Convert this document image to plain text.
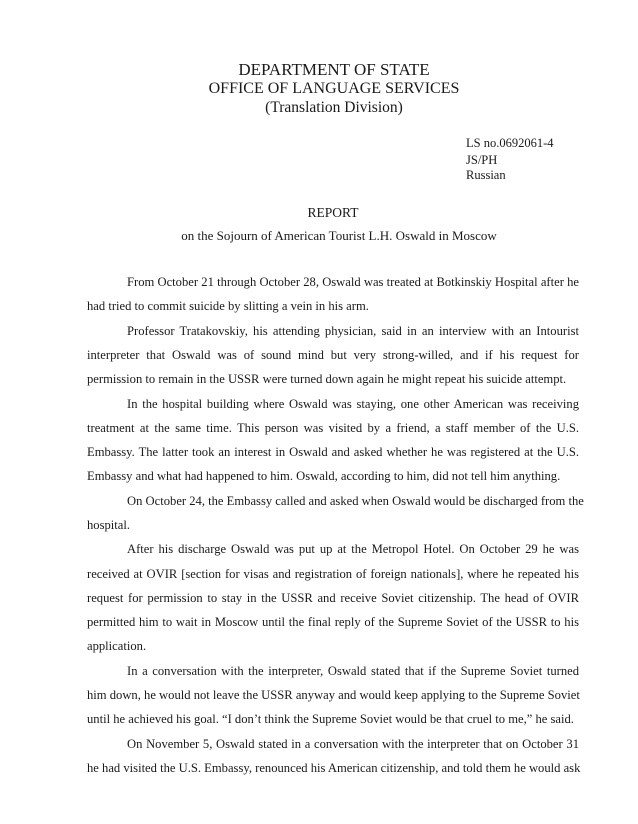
DEPARTMENT OF STATE
OFFICE OF LANGUAGE SERVICES
(Translation Division)
LS no.0692061-4
JS/PH
Russian
REPORT
on the Sojourn of American Tourist L.H. Oswald in Moscow
From October 21 through October 28, Oswald was treated at Botkinskiy Hospital after he
had tried to commit suicide by slitting a vein in his arm.
Professor Tratakovskiy, his attending physician, said in an interview with an Intourist
interpreter that Oswald was of sound mind but very strong-willed, and if his request for
permission to remain in the USSR were turned down again he might repeat his suicide attempt.
In the hospital building where Oswald was staying, one other American was receiving
treatment at the same time. This person was visited by a friend, a staff member of the U.S.
Embassy. The latter took an interest in Oswald and asked whether he was registered at the U.S.
Embassy and what had happened to him. Oswald, according to him, did not tell him anything.
On October 24, the Embassy called and asked when Oswald would be discharged from the
hospital.
After his discharge Oswald was put up at the Metropol Hotel. On October 29 he was
received at OVIR [section for visas and registration of foreign nationals], where he repeated his
request for permission to stay in the USSR and receive Soviet citizenship. The head of OVIR
permitted him to wait in Moscow until the final reply of the Supreme Soviet of the USSR to his
application.
In a conversation with the interpreter, Oswald stated that if the Supreme Soviet turned
him down, he would not leave the USSR anyway and would keep applying to the Supreme Soviet
until he achieved his goal. “I don’t think the Supreme Soviet would be that cruel to me,” he said.
On November 5, Oswald stated in a conversation with the interpreter that on October 31
he had visited the U.S. Embassy, renounced his American citizenship, and told them he would ask
